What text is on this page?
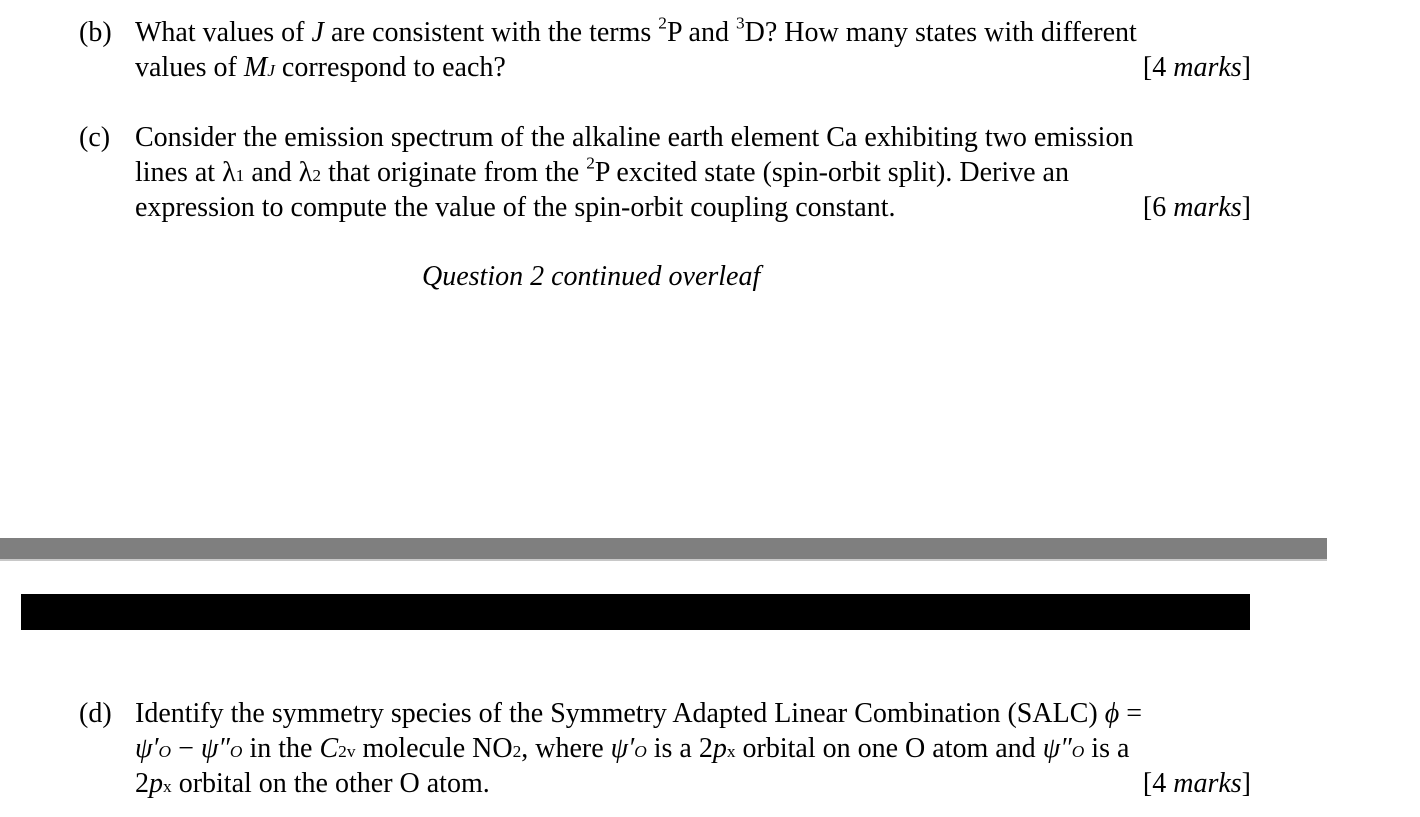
(b) What values of J are consistent with the terms $^2$P and $^3$D? How many states with different
values of MJ correspond to each?	[4 marks]
(c) Consider the emission spectrum of the alkaline earth element Ca exhibiting two emission
lines at λ1 and λ2 that originate from the $^2$P excited state (spin-orbit split). Derive an
expression to compute the value of the spin-orbit coupling constant.	[6 marks]
Question 2 continued overleaf
(d) Identify the symmetry species of the Symmetry Adapted Linear Combination (SALC) ϕ =
ψ′O − ψ″O in the C2v molecule NO2, where ψ′O is a 2px orbital on one O atom and ψ″O is a
2px orbital on the other O atom.	[4 marks]
